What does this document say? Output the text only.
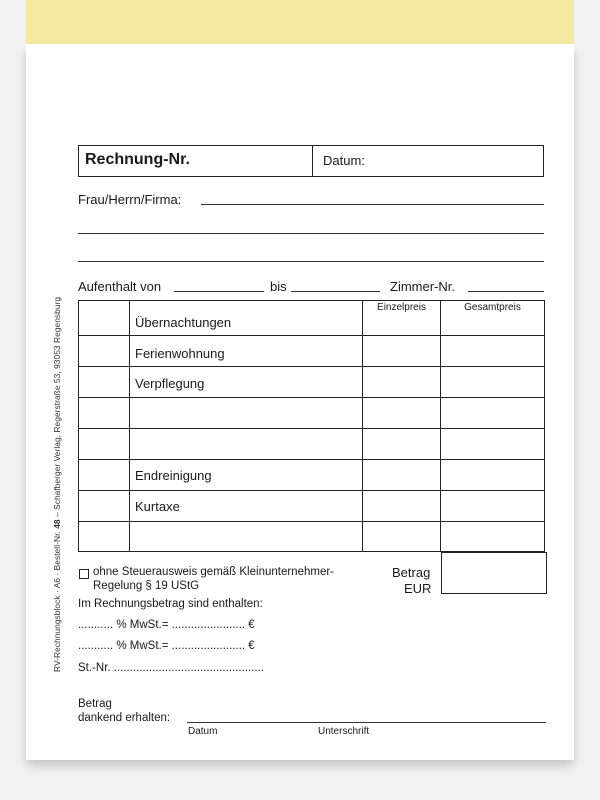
RV-Rechnungsblock · A6 · Bestell-Nr. 48 – Schafberger Verlag, Regerstraße 53, 93053 Regensburg
Rechnung-Nr.	Datum:
Frau/Herrn/Firma:
Aufenthalt von	bis	Zimmer-Nr.
Einzelpreis	Gesamtpreis
Übernachtungen
Ferienwohnung
Verpflegung
Endreinigung
Kurtaxe
Betrag
EUR
ohne Steuerausweis gemäß Kleinunternehmer-
Regelung § 19 UStG
Im Rechnungsbetrag sind enthalten:
........... % MwSt.= ....................... €
........... % MwSt.= ....................... €
St.-Nr. ...............................................
Betrag
dankend erhalten:
Datum	Unterschrift
